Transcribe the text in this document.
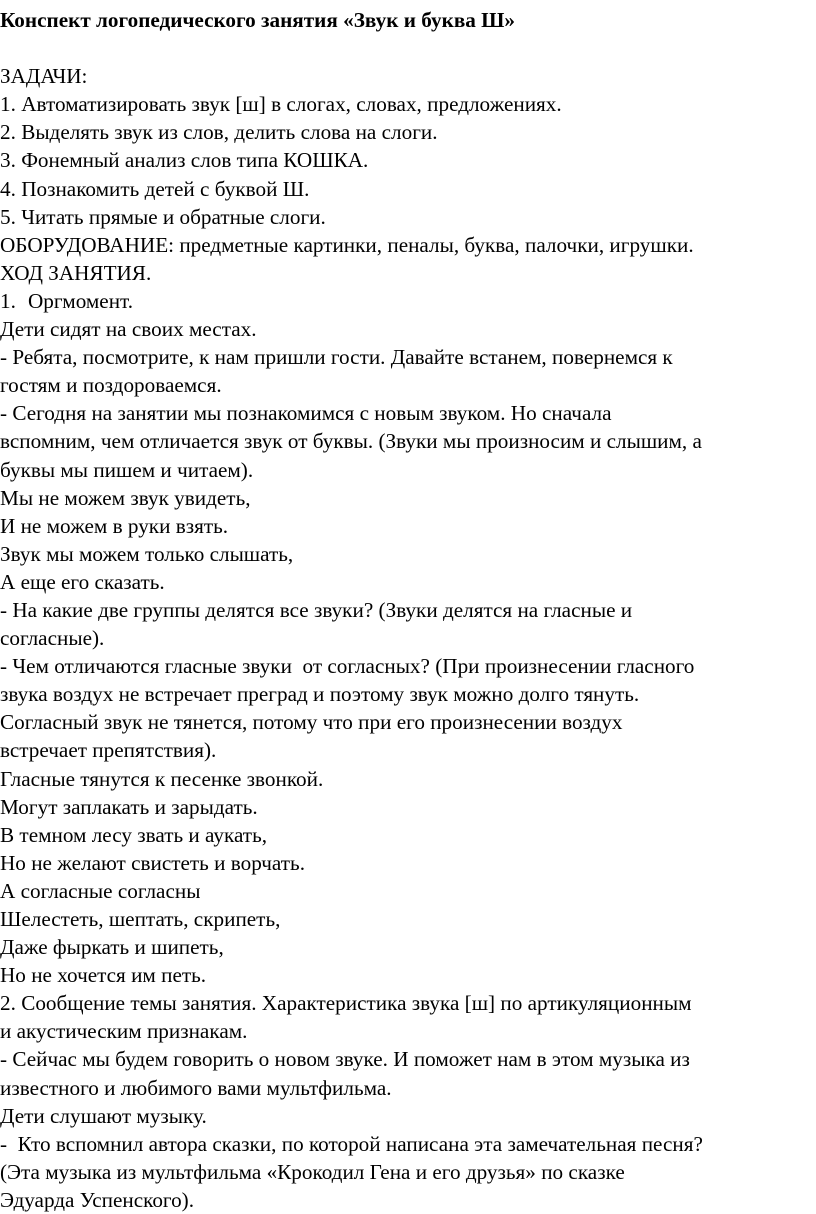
Конспект логопедического занятия «Звук и буква Ш»
ЗАДАЧИ:
1. Автоматизировать звук [ш] в слогах, словах, предложениях.
2. Выделять звук из слов, делить слова на слоги.
3. Фонемный анализ слов типа КОШКА.
4. Познакомить детей с буквой Ш.
5. Читать прямые и обратные слоги.
ОБОРУДОВАНИЕ: предметные картинки, пеналы, буква, палочки, игрушки.
ХОД ЗАНЯТИЯ.
1. Оргмомент.
Дети сидят на своих местах.
- Ребята, посмотрите, к нам пришли гости. Давайте встанем, повернемся к
гостям и поздороваемся.
- Сегодня на занятии мы познакомимся с новым звуком. Но сначала
вспомним, чем отличается звук от буквы. (Звуки мы произносим и слышим, а
буквы мы пишем и читаем).
Мы не можем звук увидеть,
И не можем в руки взять.
Звук мы можем только слышать,
А еще его сказать.
- На какие две группы делятся все звуки? (Звуки делятся на гласные и
согласные).
- Чем отличаются гласные звуки  от согласных? (При произнесении гласного
звука воздух не встречает преград и поэтому звук можно долго тянуть.
Согласный звук не тянется, потому что при его произнесении воздух
встречает препятствия).
Гласные тянутся к песенке звонкой.
Могут заплакать и зарыдать.
В темном лесу звать и аукать,
Но не желают свистеть и ворчать.
А согласные согласны
Шелестеть, шептать, скрипеть,
Даже фыркать и шипеть,
Но не хочется им петь.
2. Сообщение темы занятия. Характеристика звука [ш] по артикуляционным
и акустическим признакам.
- Сейчас мы будем говорить о новом звуке. И поможет нам в этом музыка из
известного и любимого вами мультфильма.
Дети слушают музыку.
-  Кто вспомнил автора сказки, по которой написана эта замечательная песня?
(Эта музыка из мультфильма «Крокодил Гена и его друзья» по сказке
Эдуарда Успенского).
